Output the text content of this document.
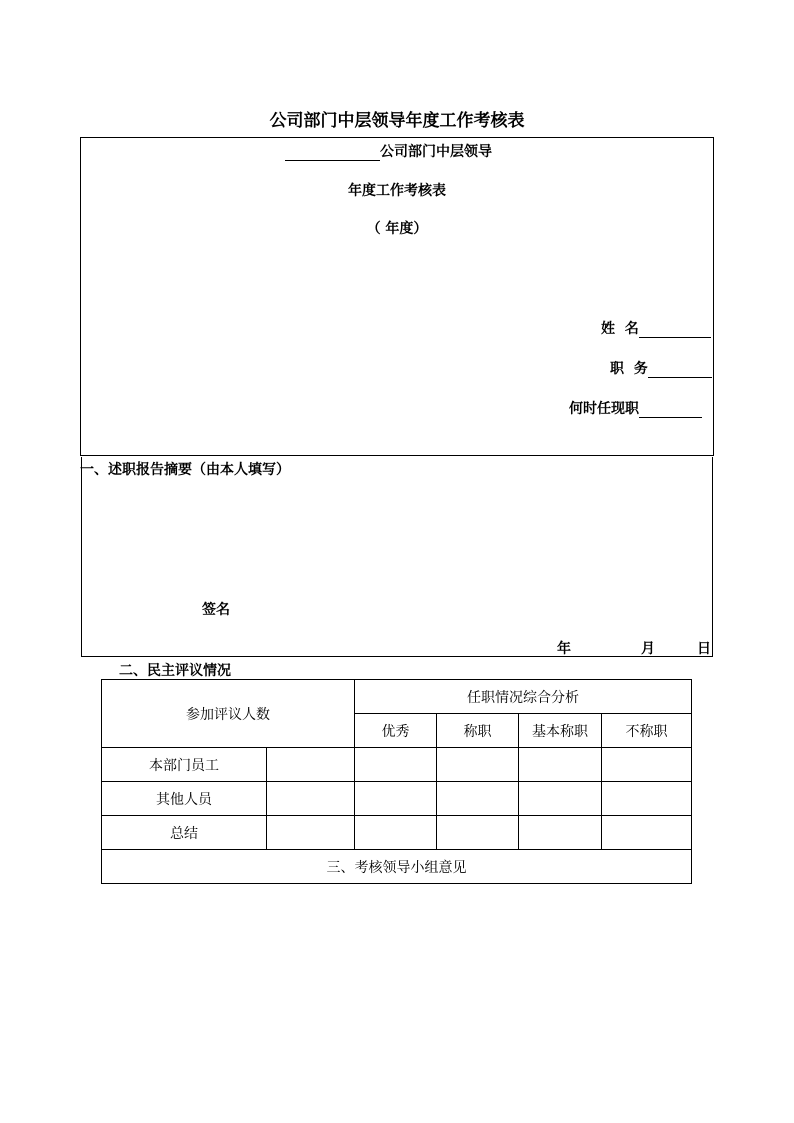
公司部门中层领导年度工作考核表
公司部门中层领导
年度工作考核表
（ 年度）
姓  名
职  务
何时任现职
一、述职报告摘要（由本人填写）
签名
年	月	日
二、民主评议情况
参加评议人数		任职情况综合分析			
		优秀	称职	基本称职	不称职
本部门员工					
其他人员					
总结					
三、考核领导小组意见					
